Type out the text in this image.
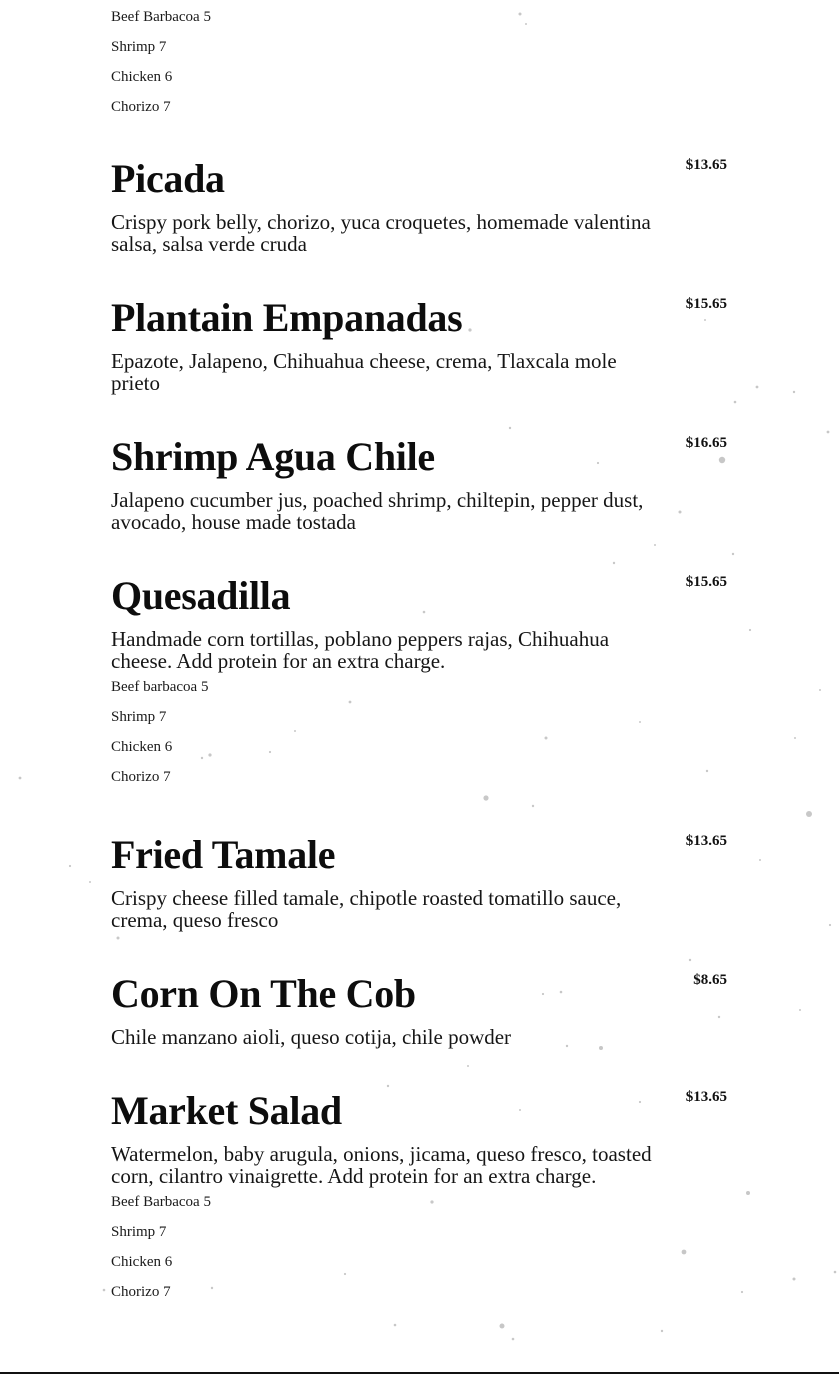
Beef Barbacoa 5
Shrimp 7
Chicken 6
Chorizo 7
Picada	$13.65
Crispy pork belly, chorizo, yuca croquetes, homemade valentina salsa, salsa verde cruda
Plantain Empanadas	$15.65
Epazote, Jalapeno, Chihuahua cheese, crema, Tlaxcala mole prieto
Shrimp Agua Chile	$16.65
Jalapeno cucumber jus, poached shrimp, chiltepin, pepper dust, avocado, house made tostada
Quesadilla	$15.65
Handmade corn tortillas, poblano peppers rajas, Chihuahua cheese. Add protein for an extra charge.
Beef barbacoa 5
Shrimp 7
Chicken 6
Chorizo 7
Fried Tamale	$13.65
Crispy cheese filled tamale, chipotle roasted tomatillo sauce, crema, queso fresco
Corn On The Cob	$8.65
Chile manzano aioli, queso cotija, chile powder
Market Salad	$13.65
Watermelon, baby arugula, onions, jicama, queso fresco, toasted corn, cilantro vinaigrette. Add protein for an extra charge.
Beef Barbacoa 5
Shrimp 7
Chicken 6
Chorizo 7
